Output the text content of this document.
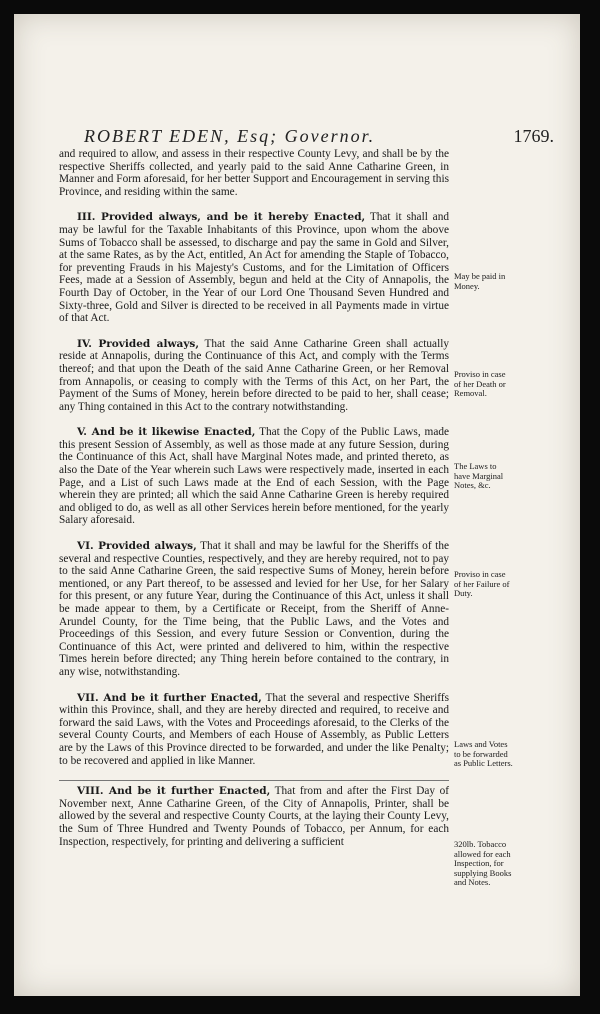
ROBERT EDEN, Esq; Governor.	1769.

and required to allow, and assess in their respective County Levy, and shall be by the respective Sheriffs collected, and yearly paid to the said Anne Catharine Green, in Manner and Form aforesaid, for her better Support and Encouragement in serving this Province, and residing within the same.

III. Provided always, and be it hereby Enacted, That it shall and may be lawful for the Taxable Inhabitants of this Province, upon whom the above Sums of Tobacco shall be assessed, to discharge and pay the same in Gold and Silver, at the same Rates, as by the Act, entitled, An Act for amending the Staple of Tobacco, for preventing Frauds in his Majesty's Customs, and for the Limitation of Officers Fees, made at a Session of Assembly, begun and held at the City of Annapolis, the Fourth Day of October, in the Year of our Lord One Thousand Seven Hundred and Sixty-three, Gold and Silver is directed to be received in all Payments made in virtue of that Act.

IV. Provided always, That the said Anne Catharine Green shall actually reside at Annapolis, during the Continuance of this Act, and comply with the Terms thereof; and that upon the Death of the said Anne Catharine Green, or her Removal from Annapolis, or ceasing to comply with the Terms of this Act, on her Part, the Payment of the Sums of Money, herein before directed to be paid to her, shall cease; any Thing contained in this Act to the contrary notwithstanding.

V. And be it likewise Enacted, That the Copy of the Public Laws, made this present Session of Assembly, as well as those made at any future Session, during the Continuance of this Act, shall have Marginal Notes made, and printed thereto, as also the Date of the Year wherein such Laws were respectively made, inserted in each Page, and a List of such Laws made at the End of each Session, with the Page wherein they are printed; all which the said Anne Catharine Green is hereby required and obliged to do, as well as all other Services herein before mentioned, for the yearly Salary aforesaid.

VI. Provided always, That it shall and may be lawful for the Sheriffs of the several and respective Counties, respectively, and they are hereby required, not to pay to the said Anne Catharine Green, the said respective Sums of Money, herein before mentioned, or any Part thereof, to be assessed and levied for her Use, for her Salary for this present, or any future Year, during the Continuance of this Act, unless it shall be made appear to them, by a Certificate or Receipt, from the Sheriff of Anne-Arundel County, for the Time being, that the Public Laws, and the Votes and Proceedings of this Session, and every future Session or Convention, during the Continuance of this Act, were printed and delivered to him, within the respective Times herein before directed; any Thing herein before contained to the contrary, in any wise, notwithstanding.

VII. And be it further Enacted, That the several and respective Sheriffs within this Province, shall, and they are hereby directed and required, to receive and forward the said Laws, with the Votes and Proceedings aforesaid, to the Clerks of the several County Courts, and Members of each House of Assembly, as Public Letters are by the Laws of this Province directed to be forwarded, and under the like Penalty; to be recovered and applied in like Manner.

VIII. And be it further Enacted, That from and after the First Day of November next, Anne Catharine Green, of the City of Annapolis, Printer, shall be allowed by the several and respective County Courts, at the laying their County Levy, the Sum of Three Hundred and Twenty Pounds of Tobacco, per Annum, for each Inspection, respectively, for printing and delivering a sufficient

May be paid in Money.
Proviso in case of her Death or Removal.
The Laws to have Marginal Notes, &c.
Proviso in case of her Failure of Duty.
Laws and Votes to be forwarded as Public Letters.
320lb. Tobacco allowed for each Inspection, for supplying Books and Notes.
